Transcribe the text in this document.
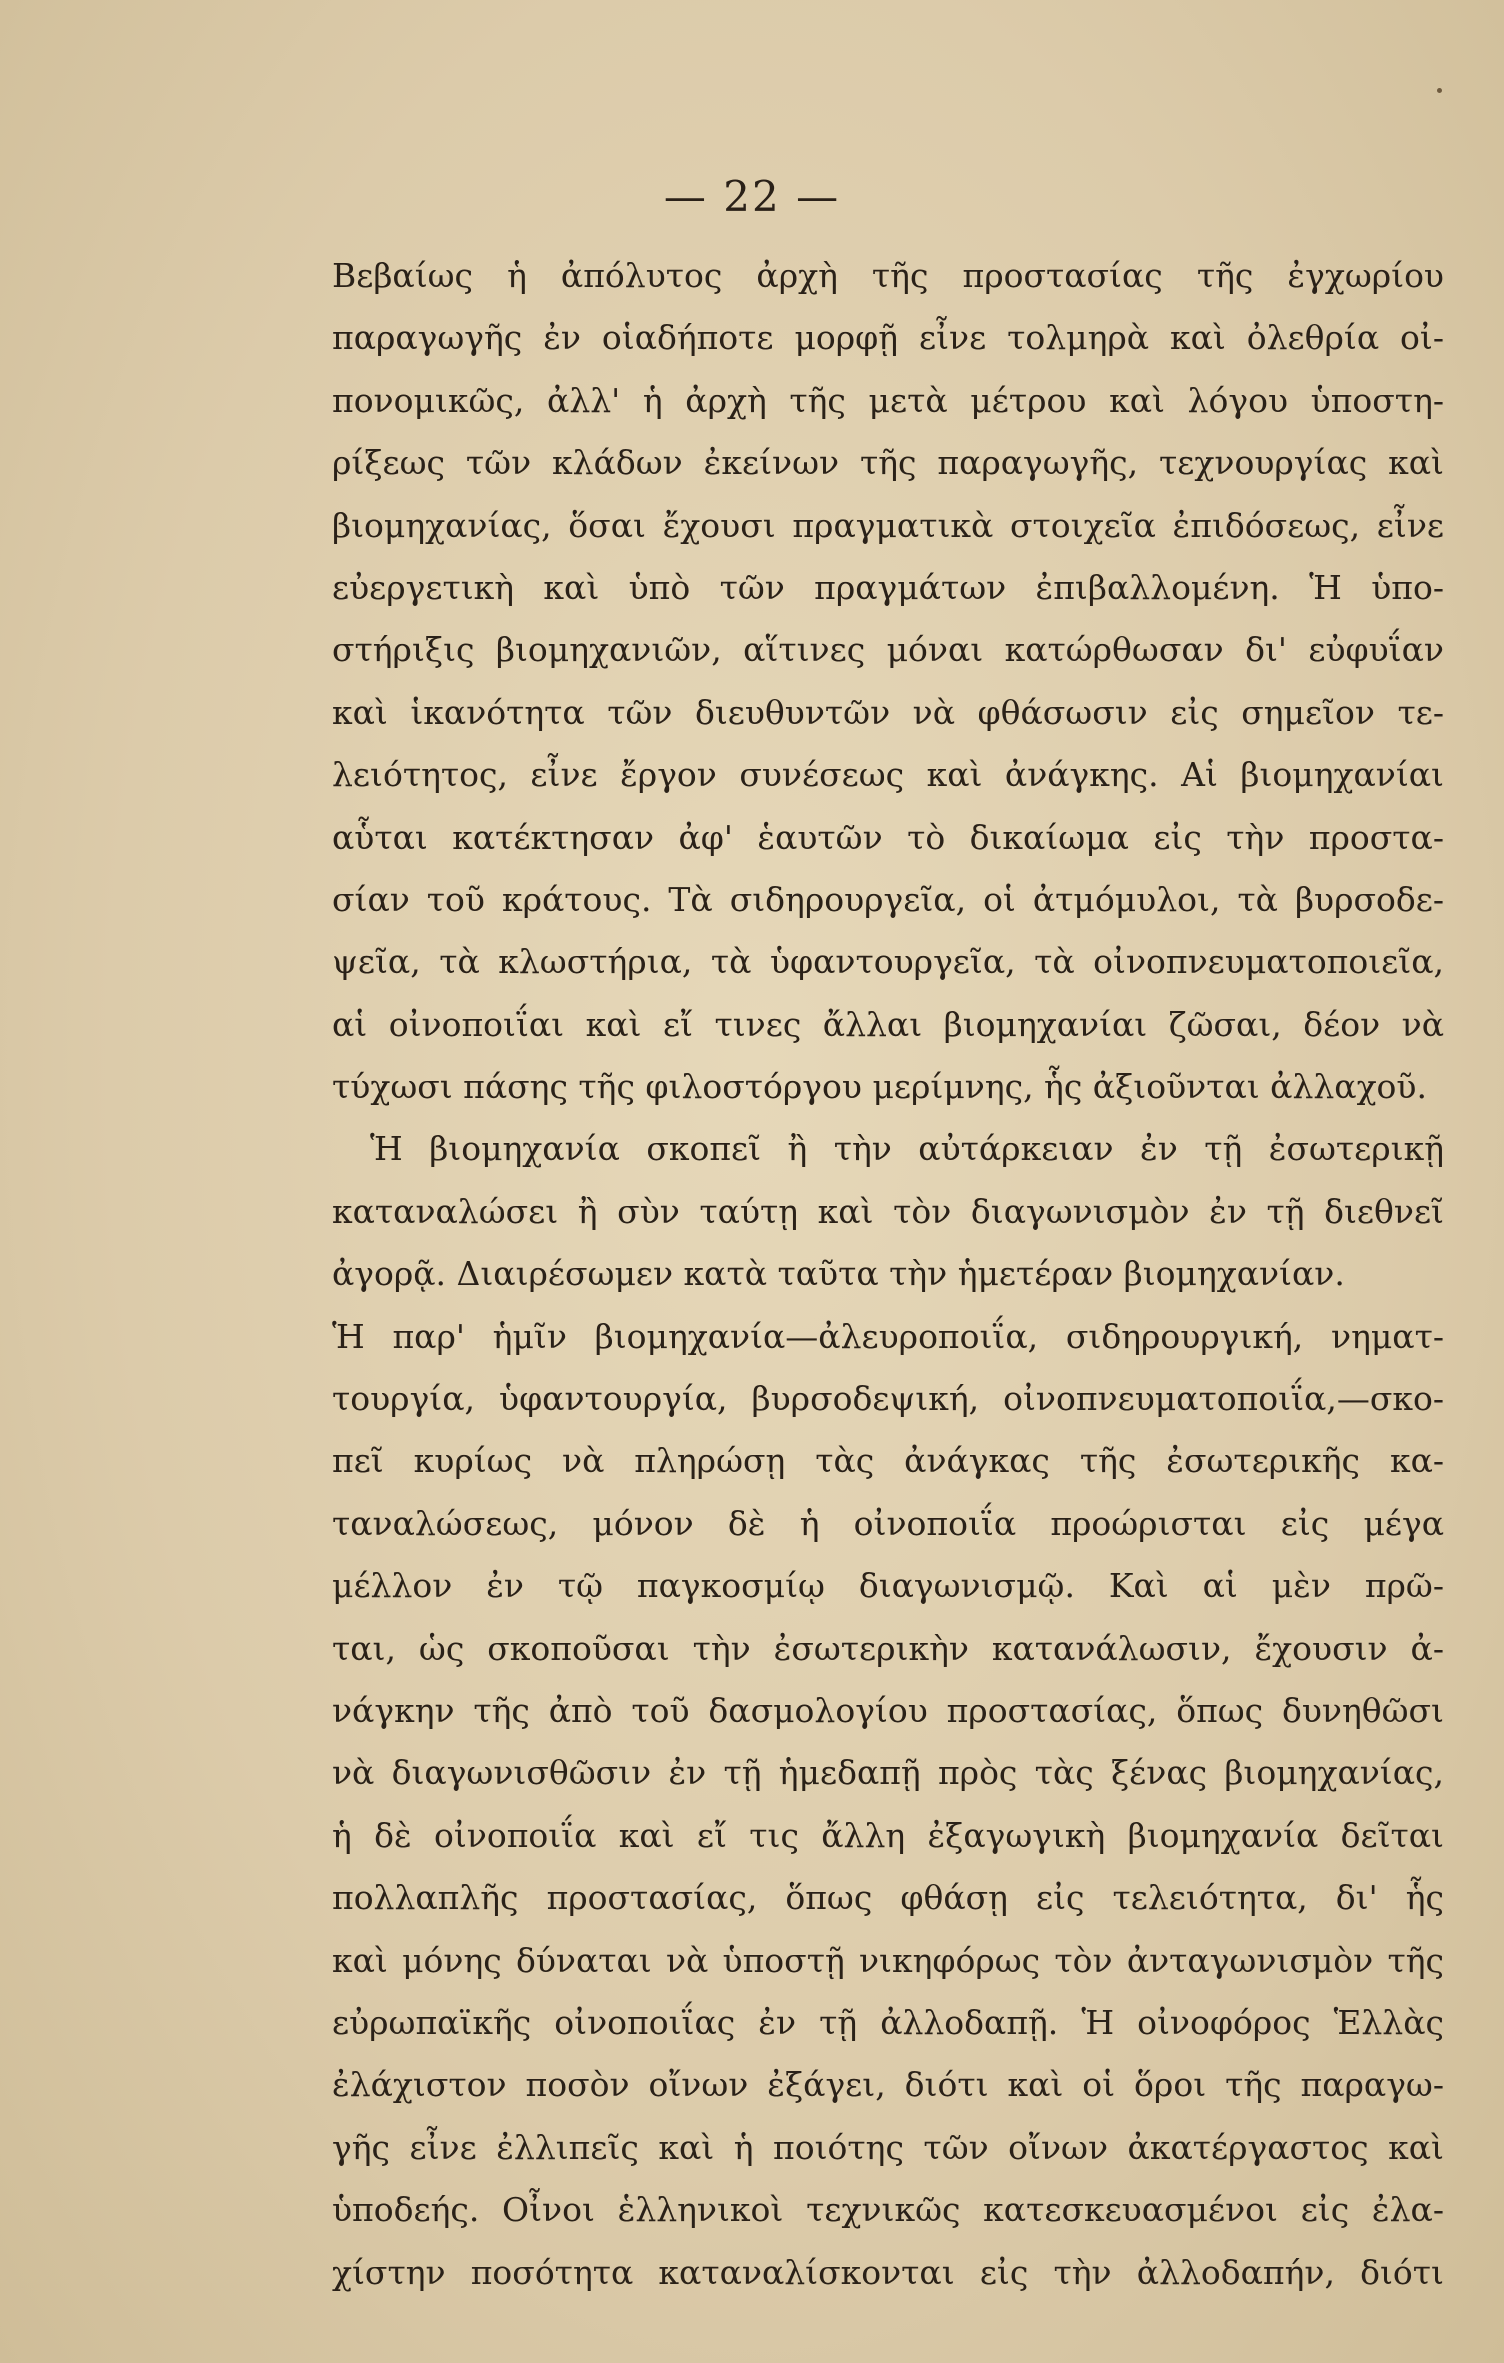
— 22 —
Βεβαίως ἡ ἀπόλυτος ἀρχὴ τῆς προστασίας τῆς ἐγχωρίου
παραγωγῆς ἐν οἱαδήποτε μορφῇ εἶνε τολμηρὰ καὶ ὀλεθρία οἰ-
πονομικῶς, ἀλλ' ἡ ἀρχὴ τῆς μετὰ μέτρου καὶ λόγου ὑποστη-
ρίξεως τῶν κλάδων ἐκείνων τῆς παραγωγῆς, τεχνουργίας καὶ
βιομηχανίας, ὅσαι ἔχουσι πραγματικὰ στοιχεῖα ἐπιδόσεως, εἶνε
εὐεργετικὴ καὶ ὑπὸ τῶν πραγμάτων ἐπιβαλλομένη. Ἡ ὑπο-
στήριξις βιομηχανιῶν, αἵτινες μόναι κατώρθωσαν δι' εὐφυΐαν
καὶ ἱκανότητα τῶν διευθυντῶν νὰ φθάσωσιν εἰς σημεῖον τε-
λειότητος, εἶνε ἔργον συνέσεως καὶ ἀνάγκης. Αἱ βιομηχανίαι
αὗται κατέκτησαν ἀφ' ἑαυτῶν τὸ δικαίωμα εἰς τὴν προστα-
σίαν τοῦ κράτους. Τὰ σιδηρουργεῖα, οἱ ἀτμόμυλοι, τὰ βυρσοδε-
ψεῖα, τὰ κλωστήρια, τὰ ὑφαντουργεῖα, τὰ οἰνοπνευματοποιεῖα,
αἱ οἰνοποιΐαι καὶ εἴ τινες ἄλλαι βιομηχανίαι ζῶσαι, δέον νὰ
τύχωσι πάσης τῆς φιλοστόργου μερίμνης, ἧς ἀξιοῦνται ἀλλαχοῦ.
Ἡ βιομηχανία σκοπεῖ ἢ τὴν αὐτάρκειαν ἐν τῇ ἐσωτερικῇ
καταναλώσει ἢ σὺν ταύτῃ καὶ τὸν διαγωνισμὸν ἐν τῇ διεθνεῖ
ἀγορᾷ. Διαιρέσωμεν κατὰ ταῦτα τὴν ἡμετέραν βιομηχανίαν.
Ἡ παρ' ἡμῖν βιομηχανία—ἀλευροποιΐα, σιδηρουργική, νηματ-
τουργία, ὑφαντουργία, βυρσοδεψική, οἰνοπνευματοποιΐα,—σκο-
πεῖ κυρίως νὰ πληρώσῃ τὰς ἀνάγκας τῆς ἐσωτερικῆς κα-
ταναλώσεως, μόνον δὲ ἡ οἰνοποιΐα προώρισται εἰς μέγα
μέλλον ἐν τῷ παγκοσμίῳ διαγωνισμῷ. Καὶ αἱ μὲν πρῶ-
ται, ὡς σκοποῦσαι τὴν ἐσωτερικὴν κατανάλωσιν, ἔχουσιν ἀ-
νάγκην τῆς ἀπὸ τοῦ δασμολογίου προστασίας, ὅπως δυνηθῶσι
νὰ διαγωνισθῶσιν ἐν τῇ ἡμεδαπῇ πρὸς τὰς ξένας βιομηχανίας,
ἡ δὲ οἰνοποιΐα καὶ εἴ τις ἄλλη ἐξαγωγικὴ βιομηχανία δεῖται
πολλαπλῆς προστασίας, ὅπως φθάσῃ εἰς τελειότητα, δι' ἧς
καὶ μόνης δύναται νὰ ὑποστῇ νικηφόρως τὸν ἀνταγωνισμὸν τῆς
εὐρωπαϊκῆς οἰνοποιΐας ἐν τῇ ἀλλοδαπῇ. Ἡ οἰνοφόρος Ἑλλὰς
ἐλάχιστον ποσὸν οἴνων ἐξάγει, διότι καὶ οἱ ὅροι τῆς παραγω-
γῆς εἶνε ἐλλιπεῖς καὶ ἡ ποιότης τῶν οἴνων ἀκατέργαστος καὶ
ὑποδεής. Οἶνοι ἑλληνικοὶ τεχνικῶς κατεσκευασμένοι εἰς ἐλα-
χίστην ποσότητα καταναλίσκονται εἰς τὴν ἀλλοδαπήν, διότι
